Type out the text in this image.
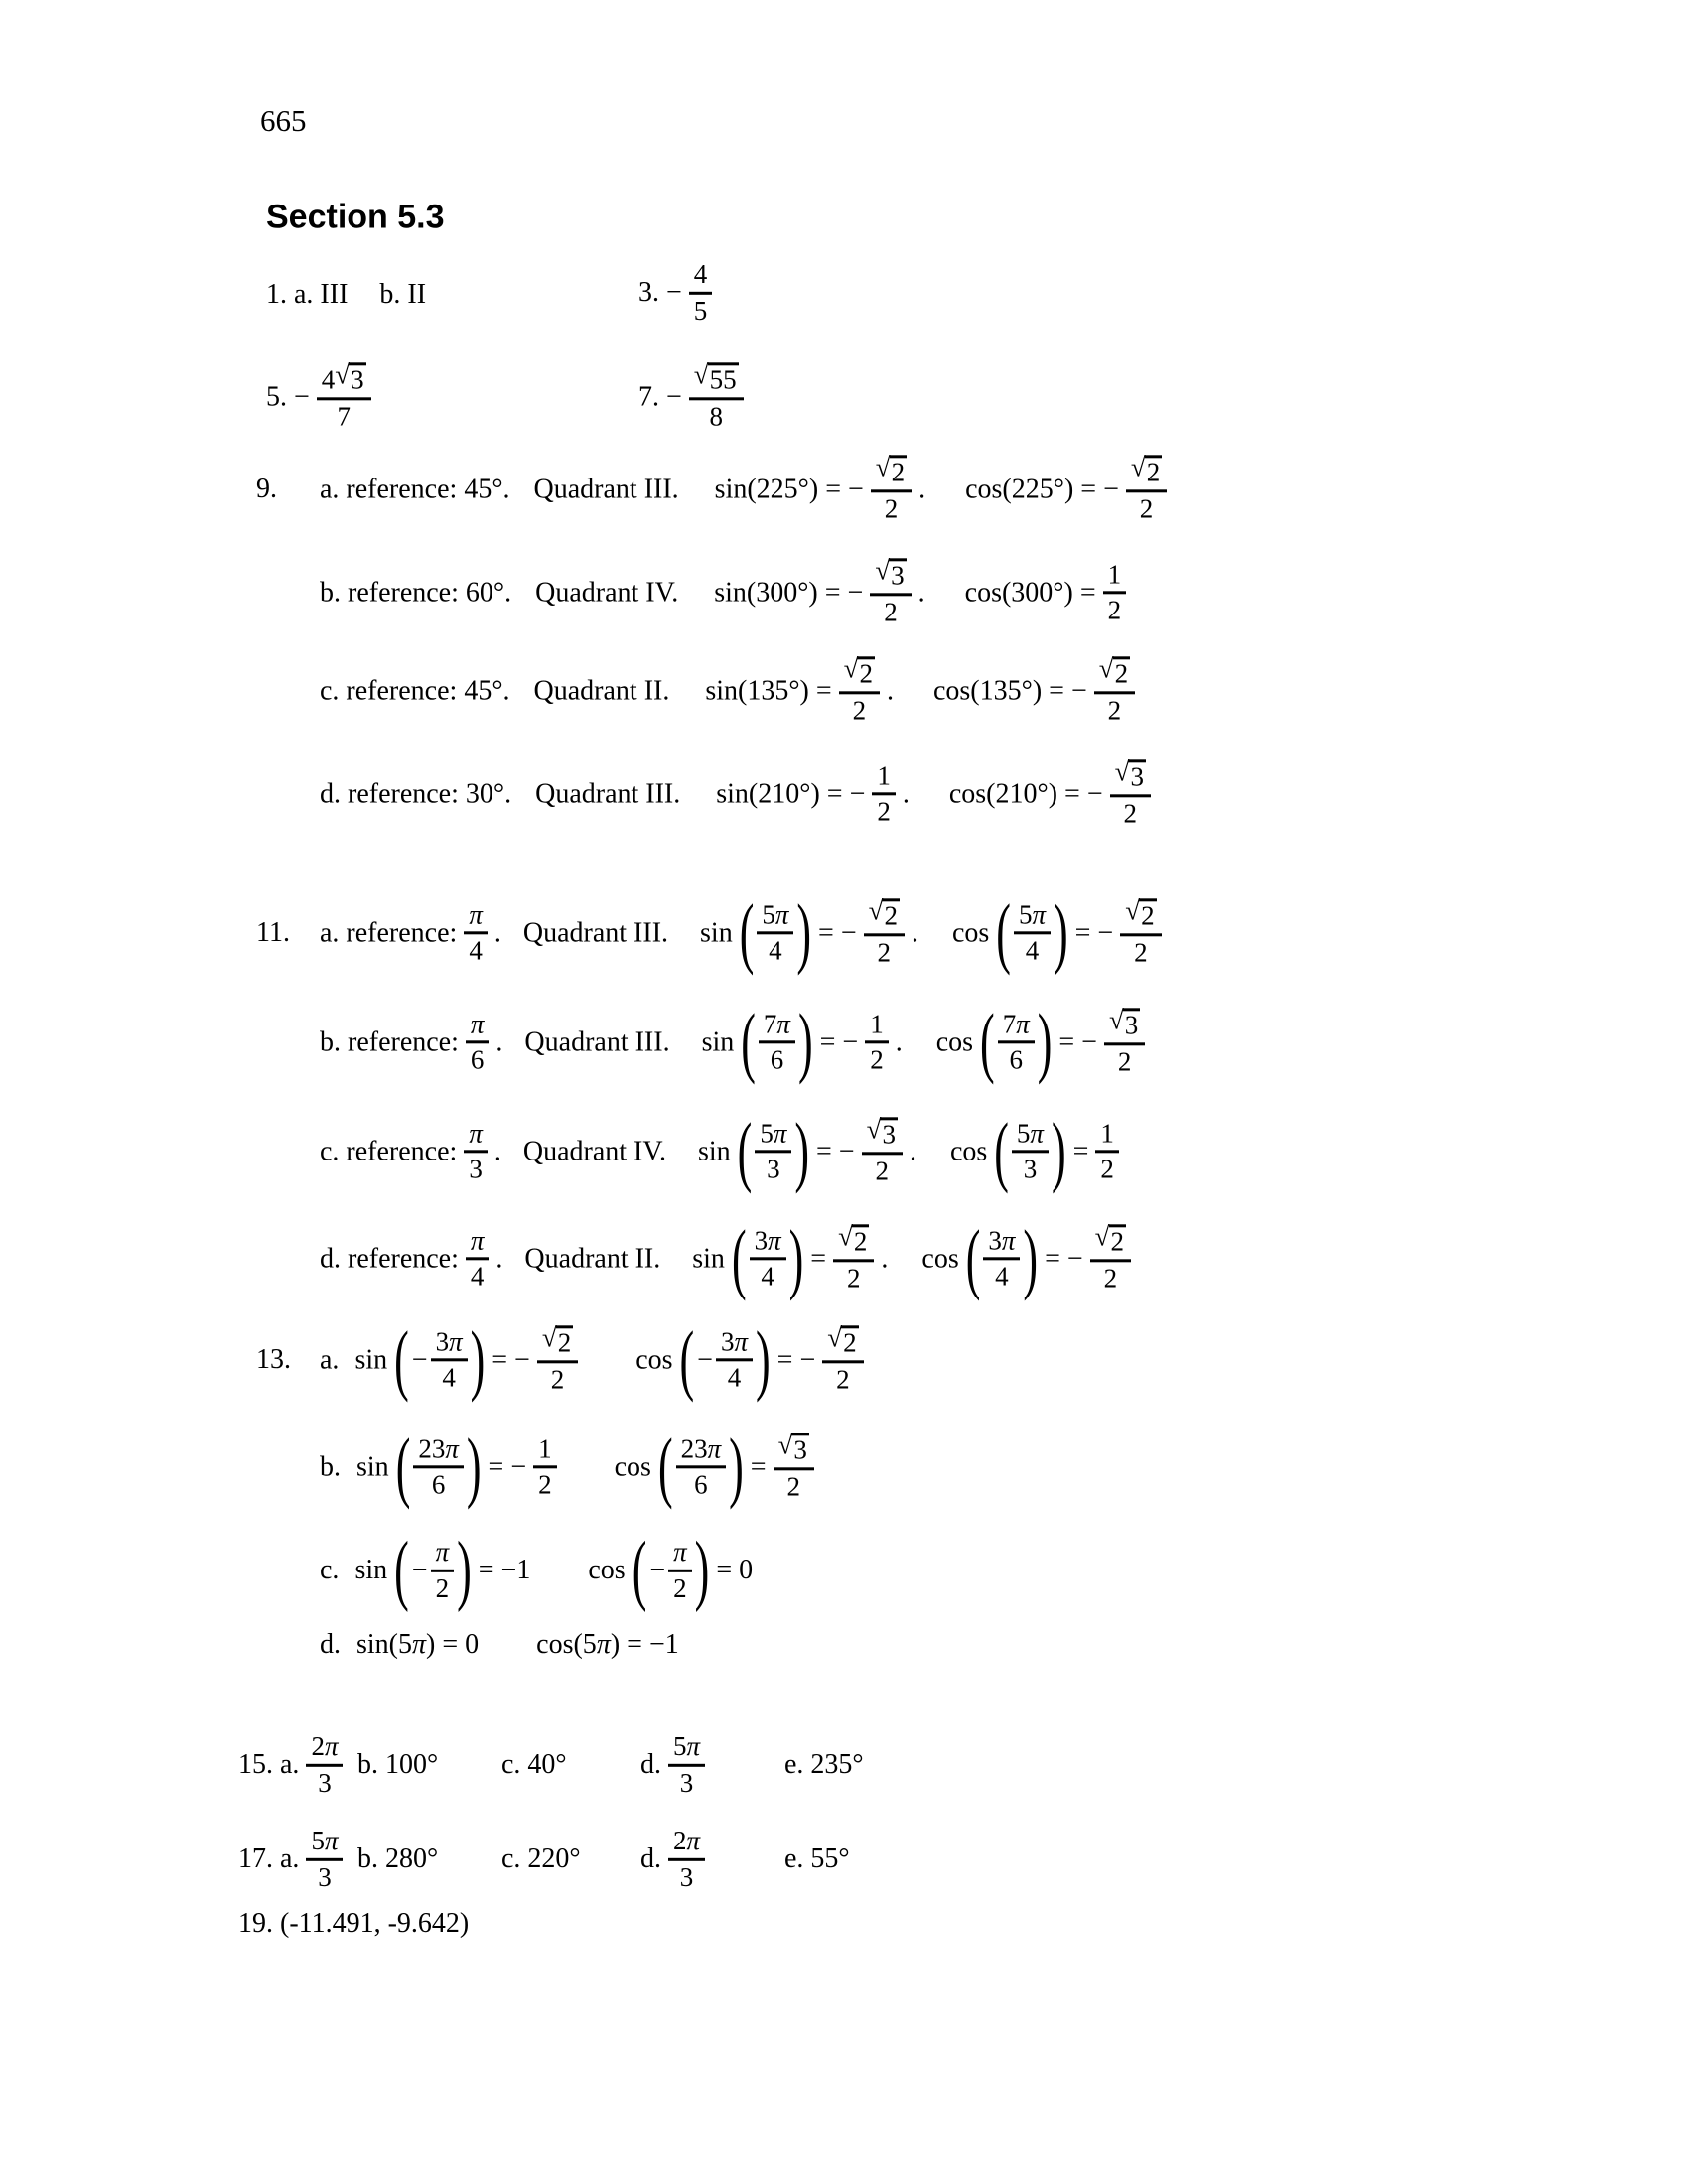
665
Section 5.3
1. a. III b. II	3. − $\frac{4}{5}$
5. − $\frac{4 √ 3}{7}$	7. − $\frac{√ 55}{8}$
9. a. reference: 45°. Quadrant III. sin(225°) = − $\frac{√ 2}{2}$ . cos(225°) = − $\frac{√ 2}{2}$
b. reference: 60°. Quadrant IV. sin(300°) = − $\frac{√ 3}{2}$ . $\cos(300^\circ) = \frac{1}{2}$
c. reference: 45°. Quadrant II. $\sin(135^\circ) = \frac{√ 2}{2}$ . cos(135°) = − $\frac{√ 2}{2}$
d. reference: 30°. Quadrant III. sin(210°) = − $\frac{1}{2}$ . cos(210°) = − $\frac{√ 3}{2}$
11. a. reference: $\frac{\pi}{4}$ . Quadrant III. sin ( $\frac{5 \pi}{4}$ ) = − $\frac{√ 2}{2}$ . cos ( $\frac{5 \pi}{4}$ ) = − $\frac{√ 2}{2}$
b. reference: $\frac{\pi}{6}$ . Quadrant III. sin ( $\frac{7 \pi}{6}$ ) = − $\frac{1}{2}$ . cos ( $\frac{7 \pi}{6}$ ) = − $\frac{√ 3}{2}$
c. reference: $\frac{\pi}{3}$ . Quadrant IV. sin ( $\frac{5 \pi}{3}$ ) = − $\frac{√ 3}{2}$ . cos ( $\frac{5 \pi}{3}$ ) = $\frac{1}{2}$
d. reference: $\frac{\pi}{4}$ . Quadrant II. sin ( $\frac{3 \pi}{4}$ ) = $\frac{√ 2}{2}$ . cos ( $\frac{3 \pi}{4}$ ) = − $\frac{√ 2}{2}$
13. a. sin ( − $\frac{3 \pi}{4}$ ) = − $\frac{√ 2}{2}$ cos ( − $\frac{3 \pi}{4}$ ) = − $\frac{√ 2}{2}$
b. sin ( $\frac{23 \pi}{6}$ ) = − $\frac{1}{2}$ cos ( $\frac{23 \pi}{6}$ ) = $\frac{√ 3}{2}$
c. sin ( − $\frac{\pi}{2}$ ) = −1 cos ( − $\frac{\pi}{2}$ ) = 0
d. sin(5π) = 0 cos(5π) = −1
15. a. $\frac{2 \pi}{3} b$. 100° c. 40°	d. $\frac{5 \pi}{3}$	e. 235°
17. a. $\frac{5 \pi}{3} b$. 280° c. 220° d. $\frac{2 \pi}{3}$	e. 55°
19. (-11.491, -9.642)
